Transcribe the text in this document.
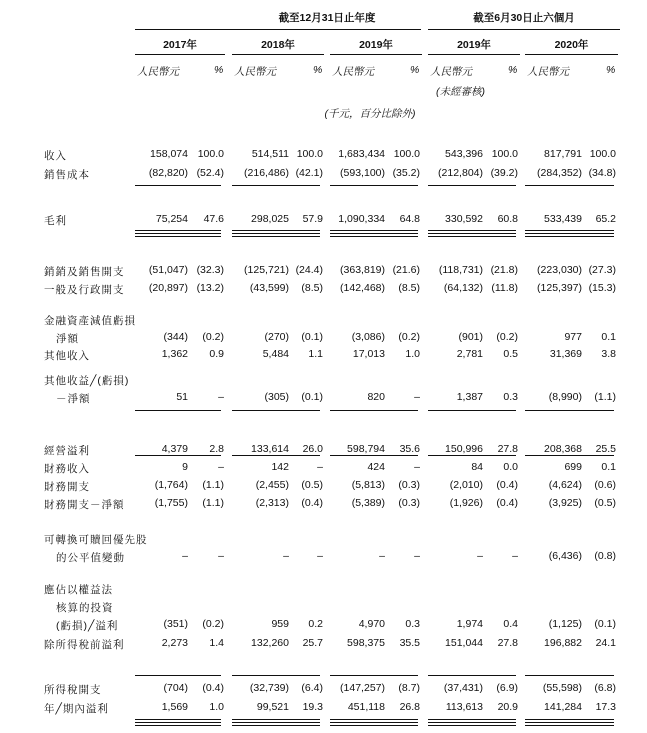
截至12月31日止年度	截至6月30日止六個月
2017年	2018年	2019年	2019年	2020年
人民幣元	% 人民幣元	% 人民幣元	% 人民幣元	% 人民幣元	%
(未經審核)
(千元，百分比除外)
收入	158,074 100.0	514,511 100.0	1,683,434 100.0	543,396 100.0	817,791 100.0
銷售成本	(82,820) (52.4)	(216,486) (42.1)	(593,100) (35.2)	(212,804) (39.2)	(284,352) (34.8)
毛利	75,254	47.6	298,025	57.9	1,090,334	64.8	330,592	60.8	533,439	65.2
銷銷及銷售開支	(51,047) (32.3)	(125,721) (24.4)	(363,819) (21.6)	(118,731) (21.8)	(223,030) (27.3)
一般及行政開支	(20,897) (13.2)	(43,599)	(8.5)	(142,468)	(8.5)	(64,132) (11.8)	(125,397) (15.3)
金融資產減值虧損
淨額	(344)	(0.2)	(270)	(0.1)	(3,086)	(0.2)	(901)	(0.2)	977	0.1
其他收入	1,362	0.9	5,484	1.1	17,013	1.0	2,781	0.5	31,369	3.8
其他收益╱(虧損)
－淨額	51	–	(305)	(0.1)	820	–	1,387	0.3	(8,990)	(1.1)
經營溢利	4,379	2.8	133,614	26.0	598,794	35.6	150,996	27.8	208,368	25.5
財務收入	9	–	142	–	424	–	84	0.0	699	0.1
財務開支	(1,764)	(1.1)	(2,455)	(0.5)	(5,813)	(0.3)	(2,010)	(0.4)	(4,624)	(0.6)
財務開支－淨額	(1,755)	(1.1)	(2,313)	(0.4)	(5,389)	(0.3)	(1,926)	(0.4)	(3,925)	(0.5)
可轉換可贖回優先股
的公平值變動	–	–	–	–	–	–	–	–	(6,436)	(0.8)
應佔以權益法
核算的投資
(虧損)╱溢利	(351)	(0.2)	959	0.2	4,970	0.3	1,974	0.4	(1,125)	(0.1)
除所得稅前溢利	2,273	1.4	132,260	25.7	598,375	35.5	151,044	27.8	196,882	24.1
所得稅開支	(704)	(0.4)	(32,739)	(6.4)	(147,257)	(8.7)	(37,431)	(6.9)	(55,598)	(6.8)
年╱期內溢利	1,569	1.0	99,521	19.3	451,118	26.8	113,613	20.9	141,284	17.3
